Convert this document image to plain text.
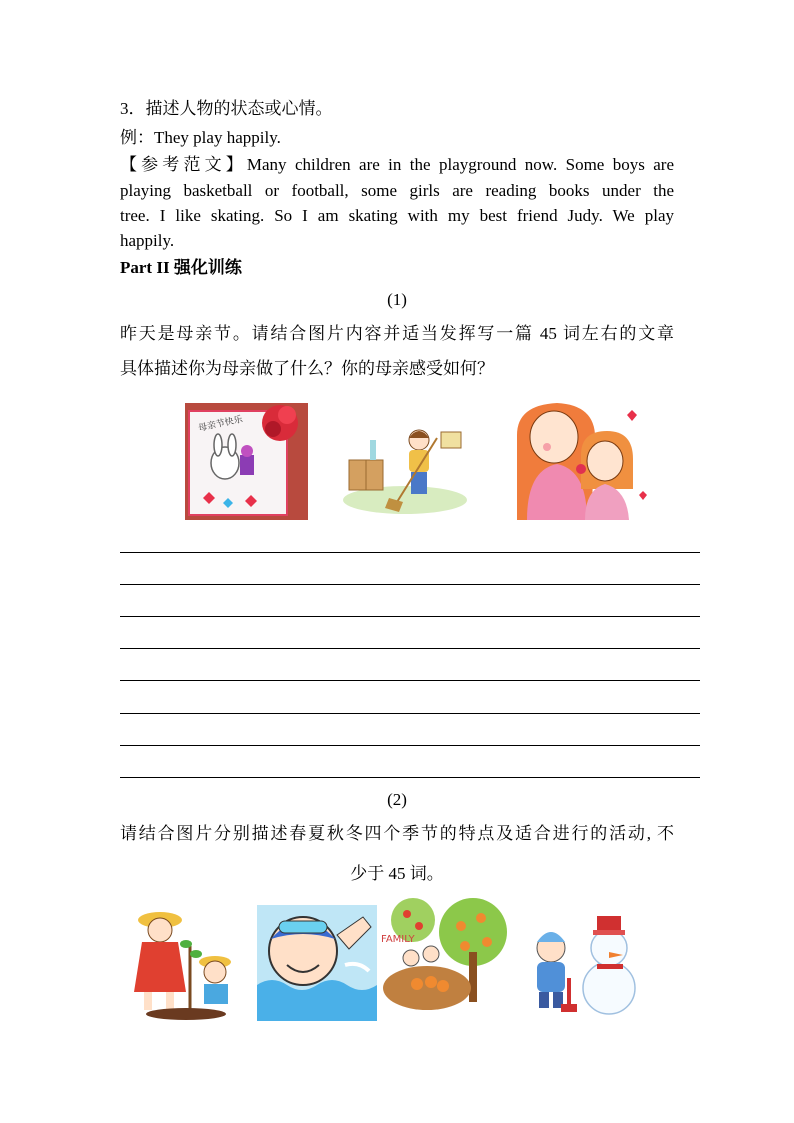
3．描述人物的状态或心情。
例：They play happily.
【参考范文】Many children are in the playground now. Some boys are
playing basketball or football, some girls are reading books under the
tree. I like skating. So I am skating with my best friend Judy. We play
happily.
Part II 强化训练
(1)
昨天是母亲节。请结合图片内容并适当发挥写一篇 45 词左右的文章
具体描述你为母亲做了什么？你的母亲感受如何？
母亲节快乐
(2)
请结合图片分别描述春夏秋冬四个季节的特点及适合进行的活动, 不
少于 45 词。
FAMILY
